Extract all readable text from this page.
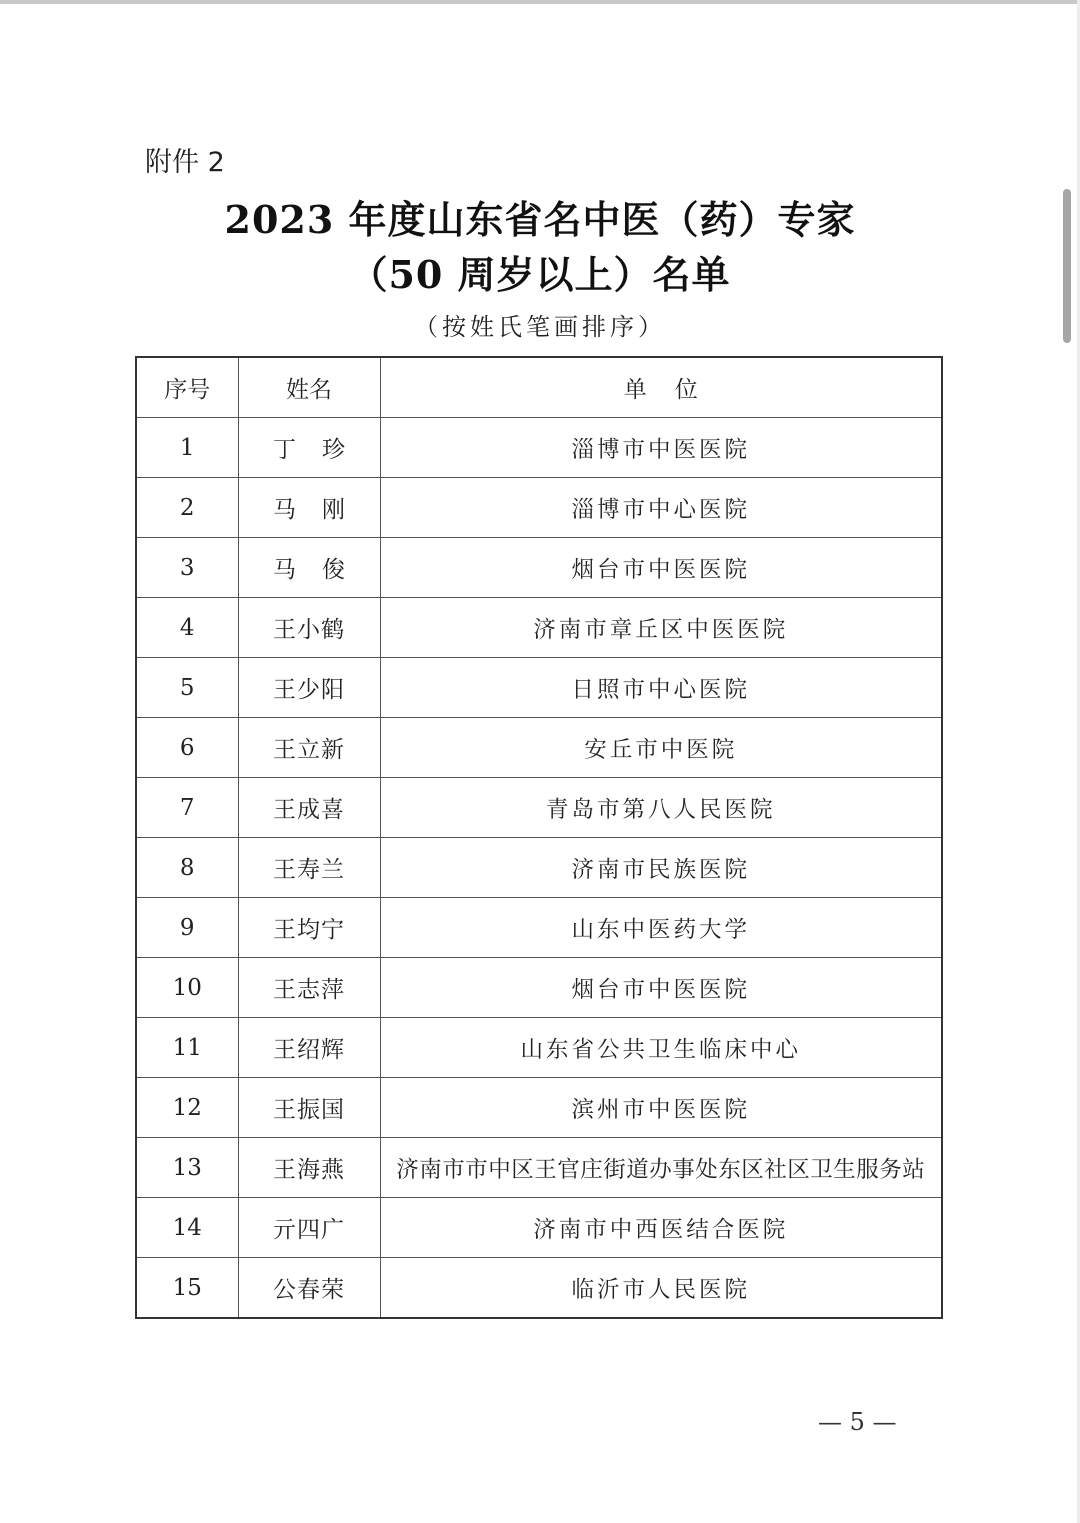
附件 2
2023 年度山东省名中医（药）专家
（50 周岁以上）名单
（按姓氏笔画排序）
序号	姓名	单位
1	丁珍	淄博市中医医院
2	马刚	淄博市中心医院
3	马俊	烟台市中医医院
4	王小鹤	济南市章丘区中医医院
5	王少阳	日照市中心医院
6	王立新	安丘市中医院
7	王成喜	青岛市第八人民医院
8	王寿兰	济南市民族医院
9	王均宁	山东中医药大学
10	王志萍	烟台市中医医院
11	王绍辉	山东省公共卫生临床中心
12	王振国	滨州市中医医院
13	王海燕	济南市市中区王官庄街道办事处东区社区卫生服务站
14	亓四广	济南市中西医结合医院
15	公春荣	临沂市人民医院
— 5 —
